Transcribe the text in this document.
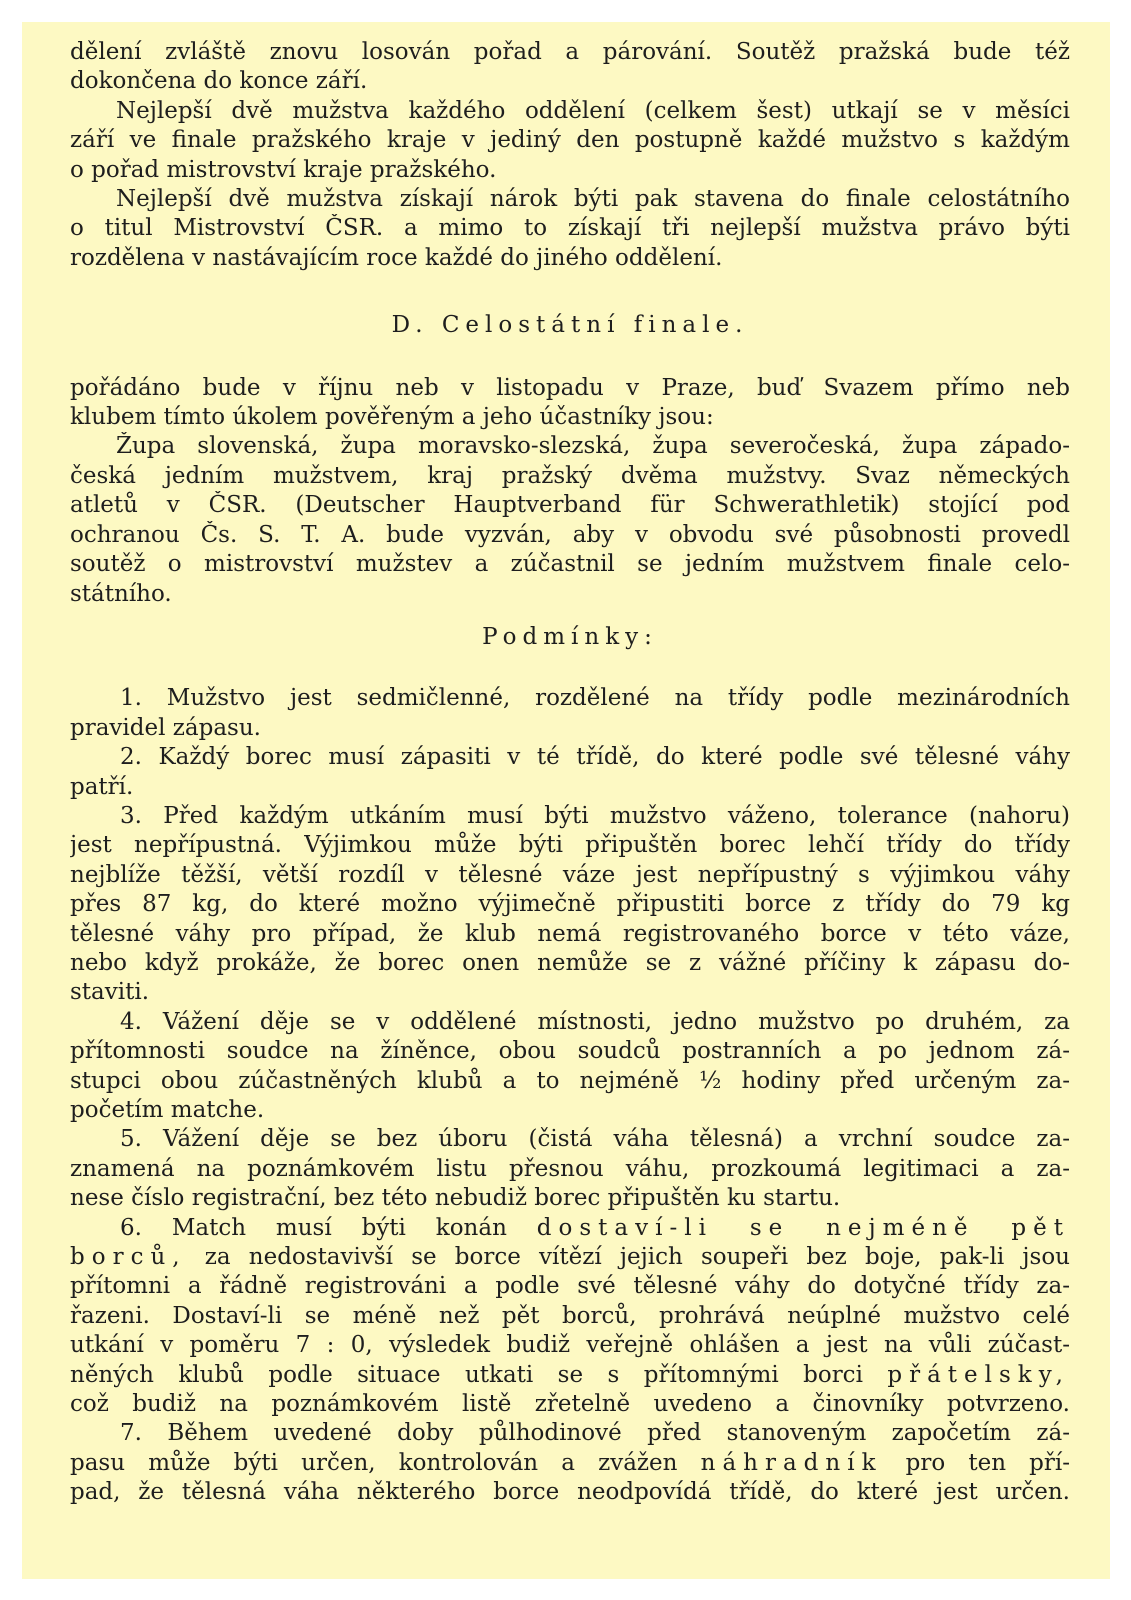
dělení zvláště znovu losován pořad a párování. Soutěž pražská bude též
dokončena do konce září.
Nejlepší dvě mužstva každého oddělení (celkem šest) utkají se v měsíci
září ve finale pražského kraje v jediný den postupně každé mužstvo s každým
o pořad mistrovství kraje pražského.
Nejlepší dvě mužstva získají nárok býti pak stavena do finale celostátního
o titul Mistrovství ČSR. a mimo to získají tři nejlepší mužstva právo býti
rozdělena v nastávajícím roce každé do jiného oddělení.

D. Celostátní finale.

pořádáno bude v říjnu neb v listopadu v Praze, buď Svazem přímo neb
klubem tímto úkolem pověřeným a jeho účastníky jsou:
Župa slovenská, župa moravsko-slezská, župa severočeská, župa západo-
česká jedním mužstvem, kraj pražský dvěma mužstvy. Svaz německých
atletů v ČSR. (Deutscher Hauptverband für Schwerathletik) stojící pod
ochranou Čs. S. T. A. bude vyzván, aby v obvodu své působnosti provedl
soutěž o mistrovství mužstev a zúčastnil se jedním mužstvem finale celo-
státního.

Podmínky:

1. Mužstvo jest sedmičlenné, rozdělené na třídy podle mezinárodních
pravidel zápasu.
2. Každý borec musí zápasiti v té třídě, do které podle své tělesné váhy
patří.
3. Před každým utkáním musí býti mužstvo váženo, tolerance (nahoru)
jest nepřípustná. Výjimkou může býti připuštěn borec lehčí třídy do třídy
nejblíže těžší, větší rozdíl v tělesné váze jest nepřípustný s výjimkou váhy
přes 87 kg, do které možno výjimečně připustiti borce z třídy do 79 kg
tělesné váhy pro případ, že klub nemá registrovaného borce v této váze,
nebo když prokáže, že borec onen nemůže se z vážné příčiny k zápasu do-
staviti.
4. Vážení děje se v oddělené místnosti, jedno mužstvo po druhém, za
přítomnosti soudce na žíněnce, obou soudců postranních a po jednom zá-
stupci obou zúčastněných klubů a to nejméně ½ hodiny před určeným za-
početím matche.
5. Vážení děje se bez úboru (čistá váha tělesná) a vrchní soudce za-
znamená na poznámkovém listu přesnou váhu, prozkoumá legitimaci a za-
nese číslo registrační, bez této nebudiž borec připuštěn ku startu.
6. Match musí býti konán dostaví-li se nejméně pět
borců, za nedostavivší se borce vítězí jejich soupeři bez boje, pak-li jsou
přítomni a řádně registrováni a podle své tělesné váhy do dotyčné třídy za-
řazeni. Dostaví-li se méně než pět borců, prohrává neúplné mužstvo celé
utkání v poměru 7 : 0, výsledek budiž veřejně ohlášen a jest na vůli zúčast-
něných klubů podle situace utkati se s přítomnými borci přátelsky,
což budiž na poznámkovém listě zřetelně uvedeno a činovníky potvrzeno.
7. Během uvedené doby půlhodinové před stanoveným započetím zá-
pasu může býti určen, kontrolován a zvážen náhradník pro ten pří-
pad, že tělesná váha některého borce neodpovídá třídě, do které jest určen.
